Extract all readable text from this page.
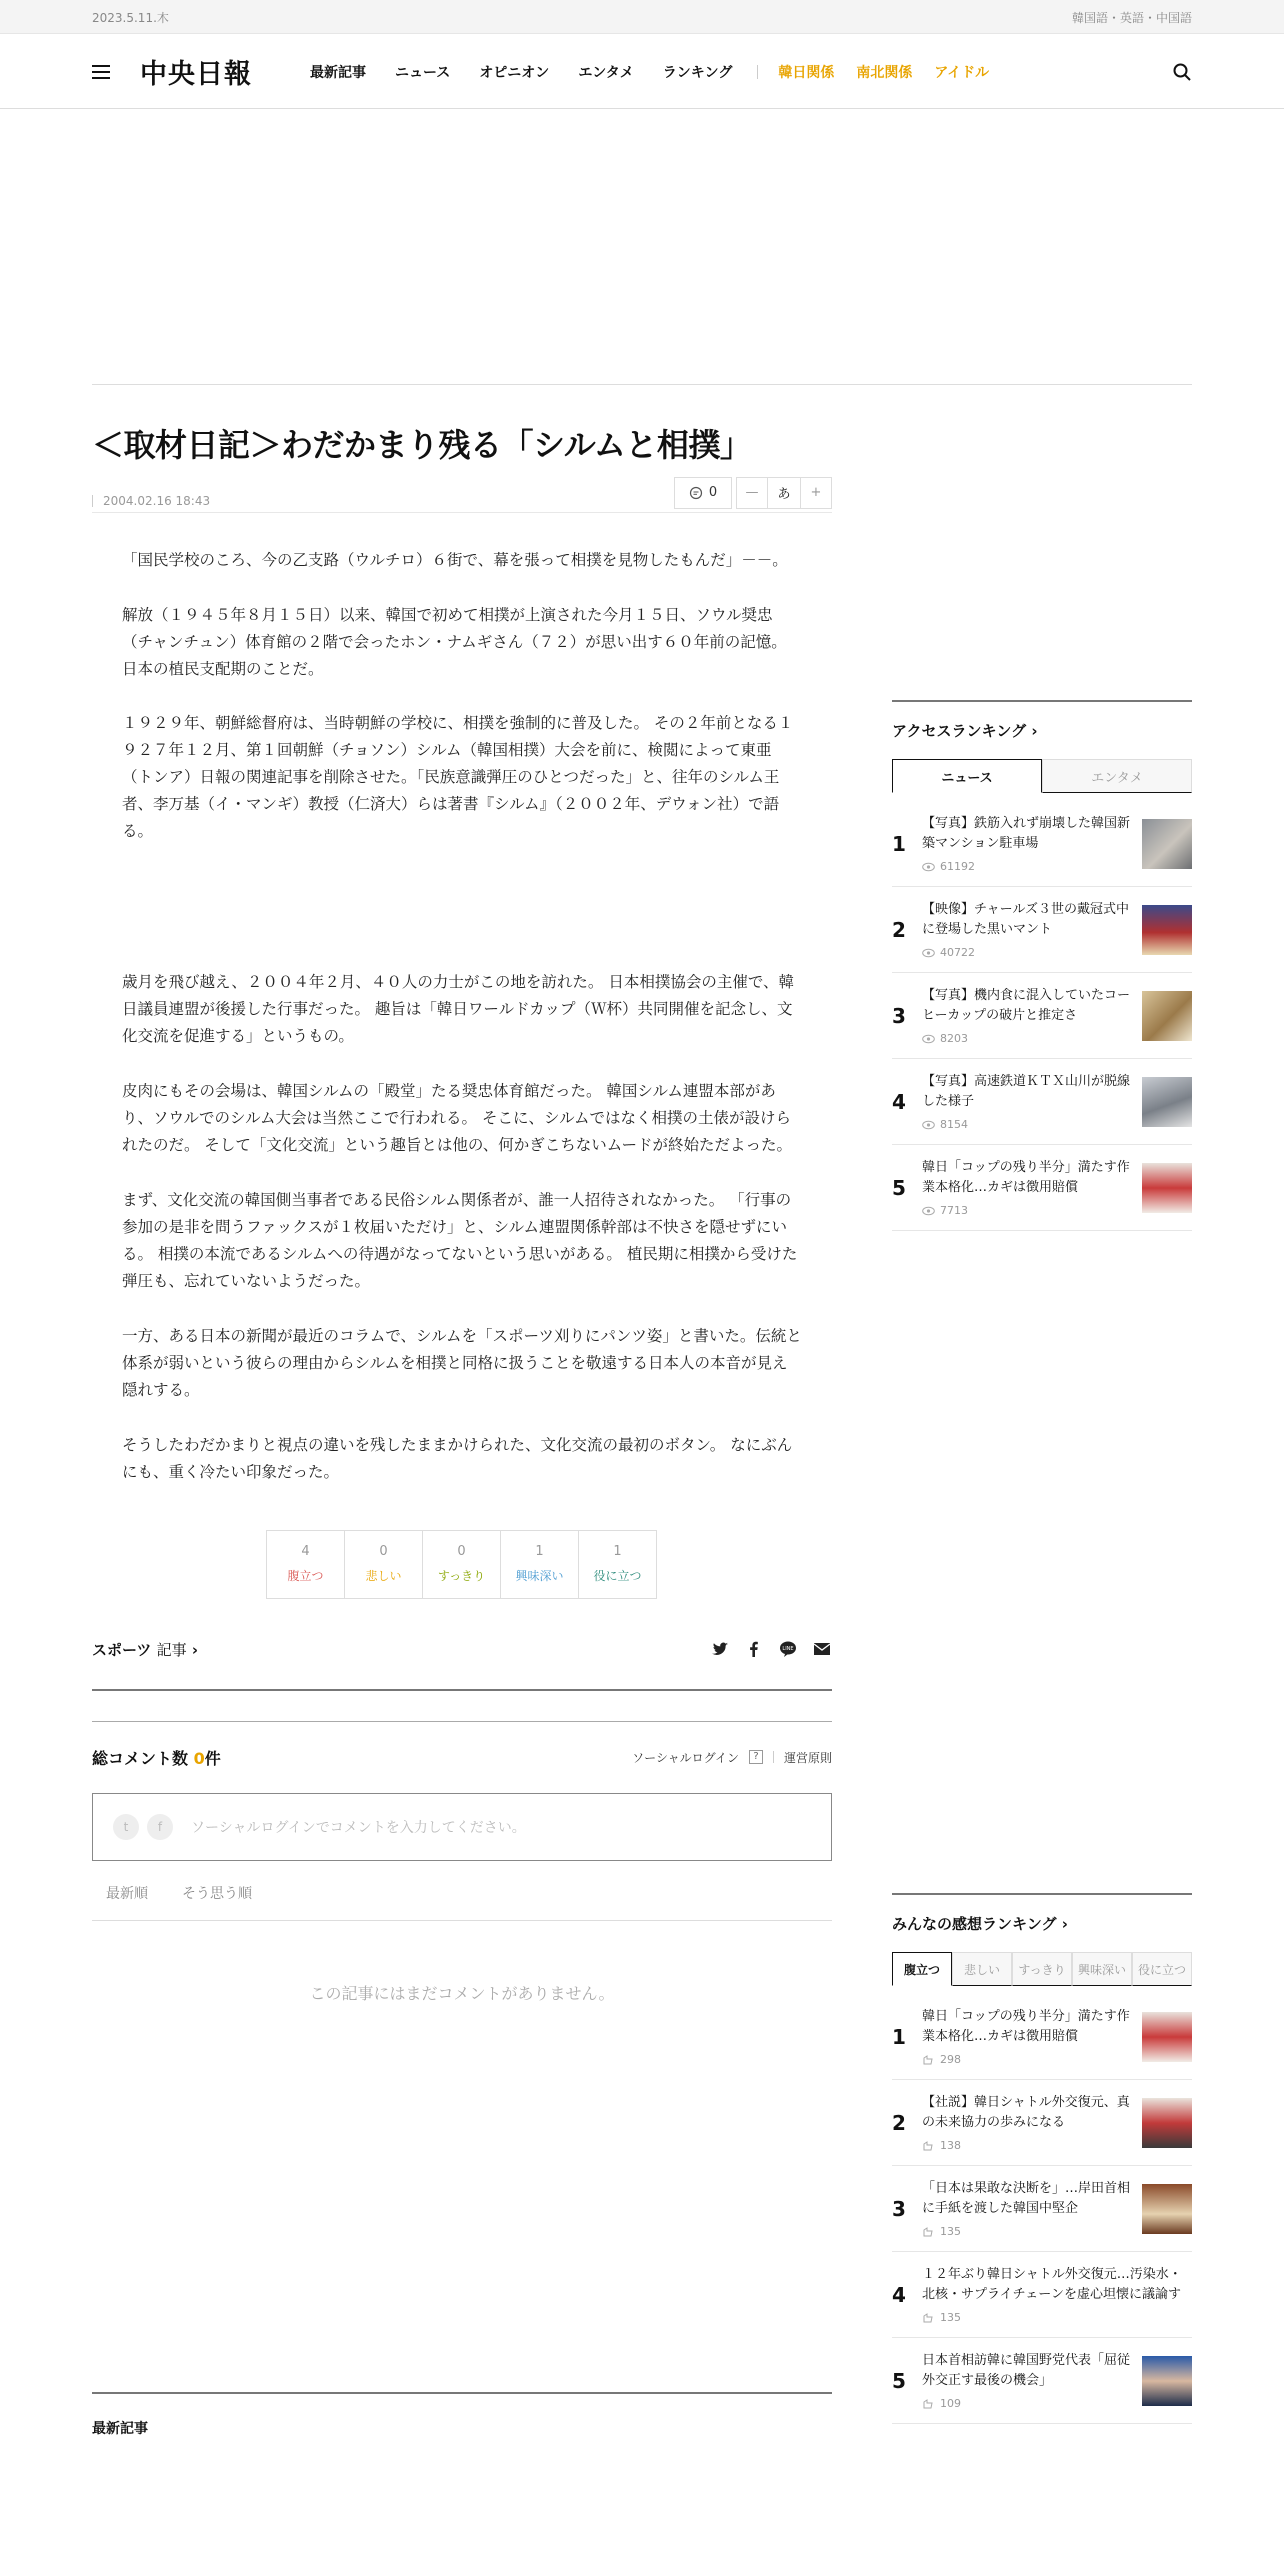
2023.5.11.木	韓国語・英語・中国語
中央日報	最新記事 ニュース オピニオン エンタメ ランキング	韓日関係 南北関係 アイドル
＜取材日記＞わだかまり残る「シルムと相撲」
2004.02.16 18:43
0	—	あ	+

「国民学校のころ、今の乙支路（ウルチロ）６街で、幕を張って相撲を見物したもんだ」－－。

解放（１９４５年８月１５日）以来、韓国で初めて相撲が上演された今月１５日、ソウル奨忠（チャンチュン）体育館の２階で会ったホン・ナムギさん（７２）が思い出す６０年前の記憶。 日本の植民支配期のことだ。

１９２９年、朝鮮総督府は、当時朝鮮の学校に、相撲を強制的に普及した。 その２年前となる１９２７年１２月、第１回朝鮮（チョソン）シルム（韓国相撲）大会を前に、検閲によって東亜（トンア）日報の関連記事を削除させた。「民族意識弾圧のひとつだった」と、往年のシルム王者、李万基（イ・マンギ）教授（仁済大）らは著書『シルム』（２００２年、デウォン社）で語る。

歳月を飛び越え、２００４年２月、４０人の力士がこの地を訪れた。 日本相撲協会の主催で、韓日議員連盟が後援した行事だった。 趣旨は「韓日ワールドカップ（Ｗ杯）共同開催を記念し、文化交流を促進する」というもの。

皮肉にもその会場は、韓国シルムの「殿堂」たる奨忠体育館だった。 韓国シルム連盟本部があり、ソウルでのシルム大会は当然ここで行われる。 そこに、シルムではなく相撲の土俵が設けられたのだ。 そして「文化交流」という趣旨とは他の、何かぎこちないムードが終始ただよった。

まず、文化交流の韓国側当事者である民俗シルム関係者が、誰一人招待されなかった。 「行事の参加の是非を問うファックスが１枚届いただけ」と、シルム連盟関係幹部は不快さを隠せずにいる。 相撲の本流であるシルムへの待遇がなってないという思いがある。 植民期に相撲から受けた弾圧も、忘れていないようだった。

一方、ある日本の新聞が最近のコラムで、シルムを「スポーツ刈りにパンツ姿」と書いた。伝統と体系が弱いという彼らの理由からシルムを相撲と同格に扱うことを敬遠する日本人の本音が見え隠れする。

そうしたわだかまりと視点の違いを残したままかけられた、文化交流の最初のボタン。 なにぶんにも、重く冷たい印象だった。

4
腹立つ
0
悲しい
0
すっきり
1
興味深い
1
役に立つ
スポーツ 記事 ›	LINE
総コメント数 0件	ソーシャルログイン	?	運営原則
t	f	ソーシャルログインでコメントを入力してください。
最新順 そう思う順
この記事にはまだコメントがありません。
最新記事
アクセスランキング ›
ニュース	エンタメ
1
【写真】鉄筋入れず崩壊した韓国新築マンション駐車場
61192
2
【映像】チャールズ３世の戴冠式中に登場した黒いマント
40722
3
【写真】機内食に混入していたコーヒーカップの破片と推定さ
8203
4
【写真】高速鉄道ＫＴＸ山川が脱線した様子
8154
5
韓日「コップの残り半分」満たす作業本格化…カギは徴用賠償
7713
みんなの感想ランキング ›
腹立つ	悲しい	すっきり	興味深い 役に立つ
1
韓日「コップの残り半分」満たす作業本格化…カギは徴用賠償
298
2
【社説】韓日シャトル外交復元、真の未来協力の歩みになる
138
3
「日本は果敢な決断を」…岸田首相に手紙を渡した韓国中堅企
135
4
１２年ぶり韓日シャトル外交復元…汚染水・北核・サプライチェーンを虚心坦懐に議論す
135
5
日本首相訪韓に韓国野党代表「屈従外交正す最後の機会」
109
